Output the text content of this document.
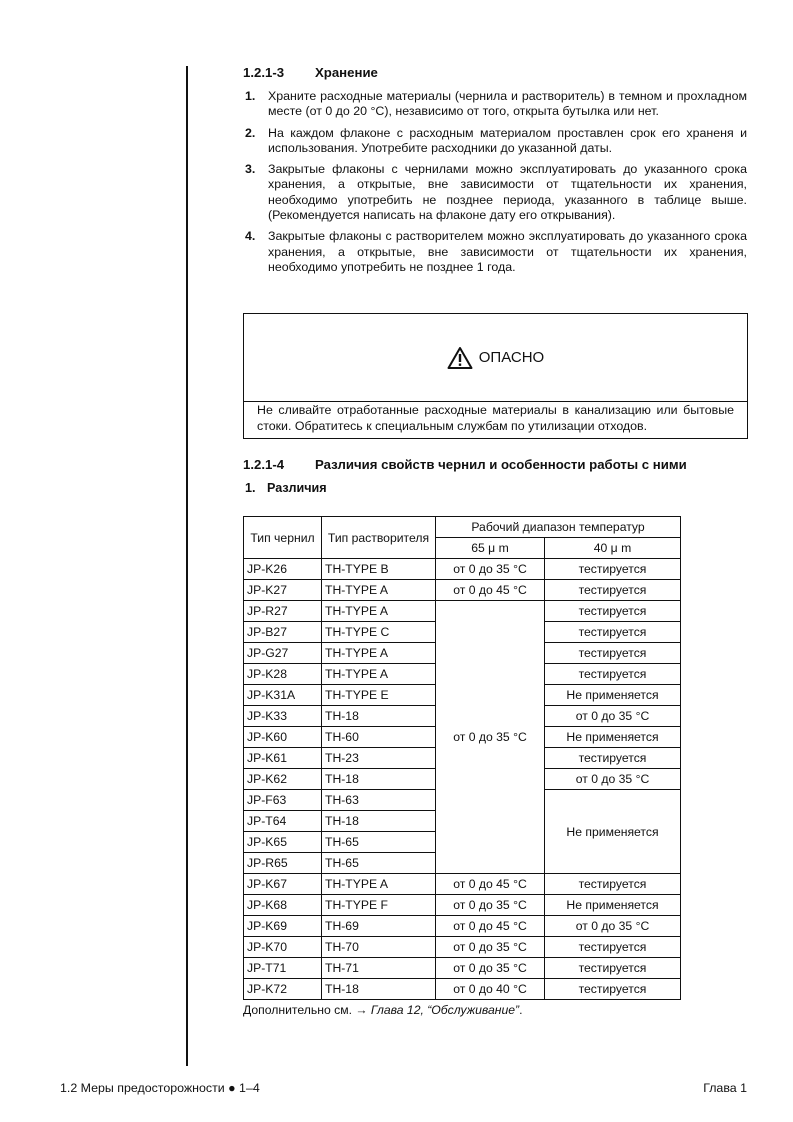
1.2.1-3 Хранение
1. Храните расходные материалы (чернила и растворитель) в темном и прохладном месте (от 0 до 20 °C), независимо от того, открыта бутылка или нет.
2. На каждом флаконе с расходным материалом проставлен срок его храненя и использования. Употребите расходники до указанной даты.
3. Закрытые флаконы с чернилами можно эксплуатировать до указанного срока хранения, а открытые, вне зависимости от тщательности их хранения, необходимо употребить не позднее периода, указанного в таблице выше. (Рекомендуется написать на флаконе дату его открывания).
4. Закрытые флаконы с растворителем можно эксплуатировать до указанного срока хранения, а открытые, вне зависимости от тщательности их хранения, необходимо употребить не позднее 1 года.
ОПАСНО
Не сливайте отработанные расходные материалы в канализацию или бытовые стоки. Обратитесь к специальным службам по утилизации отходов.
1.2.1-4 Различия свойств чернил и особенности работы с ними
1. Различия
Тип чернил	Тип растворителя	Рабочий диапазон температур	
		65 μ m	40 μ m
JP-K26	TH-TYPE B	от 0 до 35 °C	тестируется
JP-K27	TH-TYPE A	от 0 до 45 °C	тестируется
JP-R27	TH-TYPE A	от 0 до 35 °C	тестируется
JP-B27	TH-TYPE C		тестируется
JP-G27	TH-TYPE A		тестируется
JP-K28	TH-TYPE A		тестируется
JP-K31A	TH-TYPE E		Не применяется
JP-K33	TH-18		от 0 до 35 °C
JP-K60	TH-60		Не применяется
JP-K61	TH-23		тестируется
JP-K62	TH-18		от 0 до 35 °C
JP-F63	TH-63		Не применяется
JP-T64	TH-18		
JP-K65	TH-65		
JP-R65	TH-65		
JP-K67	TH-TYPE A	от 0 до 45 °C	тестируется
JP-K68	TH-TYPE F	от 0 до 35 °C	Не применяется
JP-K69	TH-69	от 0 до 45 °C	от 0 до 35 °C
JP-K70	TH-70	от 0 до 35 °C	тестируется
JP-T71	TH-71	от 0 до 35 °C	тестируется
JP-K72	TH-18	от 0 до 40 °C	тестируется
Дополнительно см. → Глава 12, “Обслуживание”.
1.2 Меры предосторожности ● 1–4	Глава 1
